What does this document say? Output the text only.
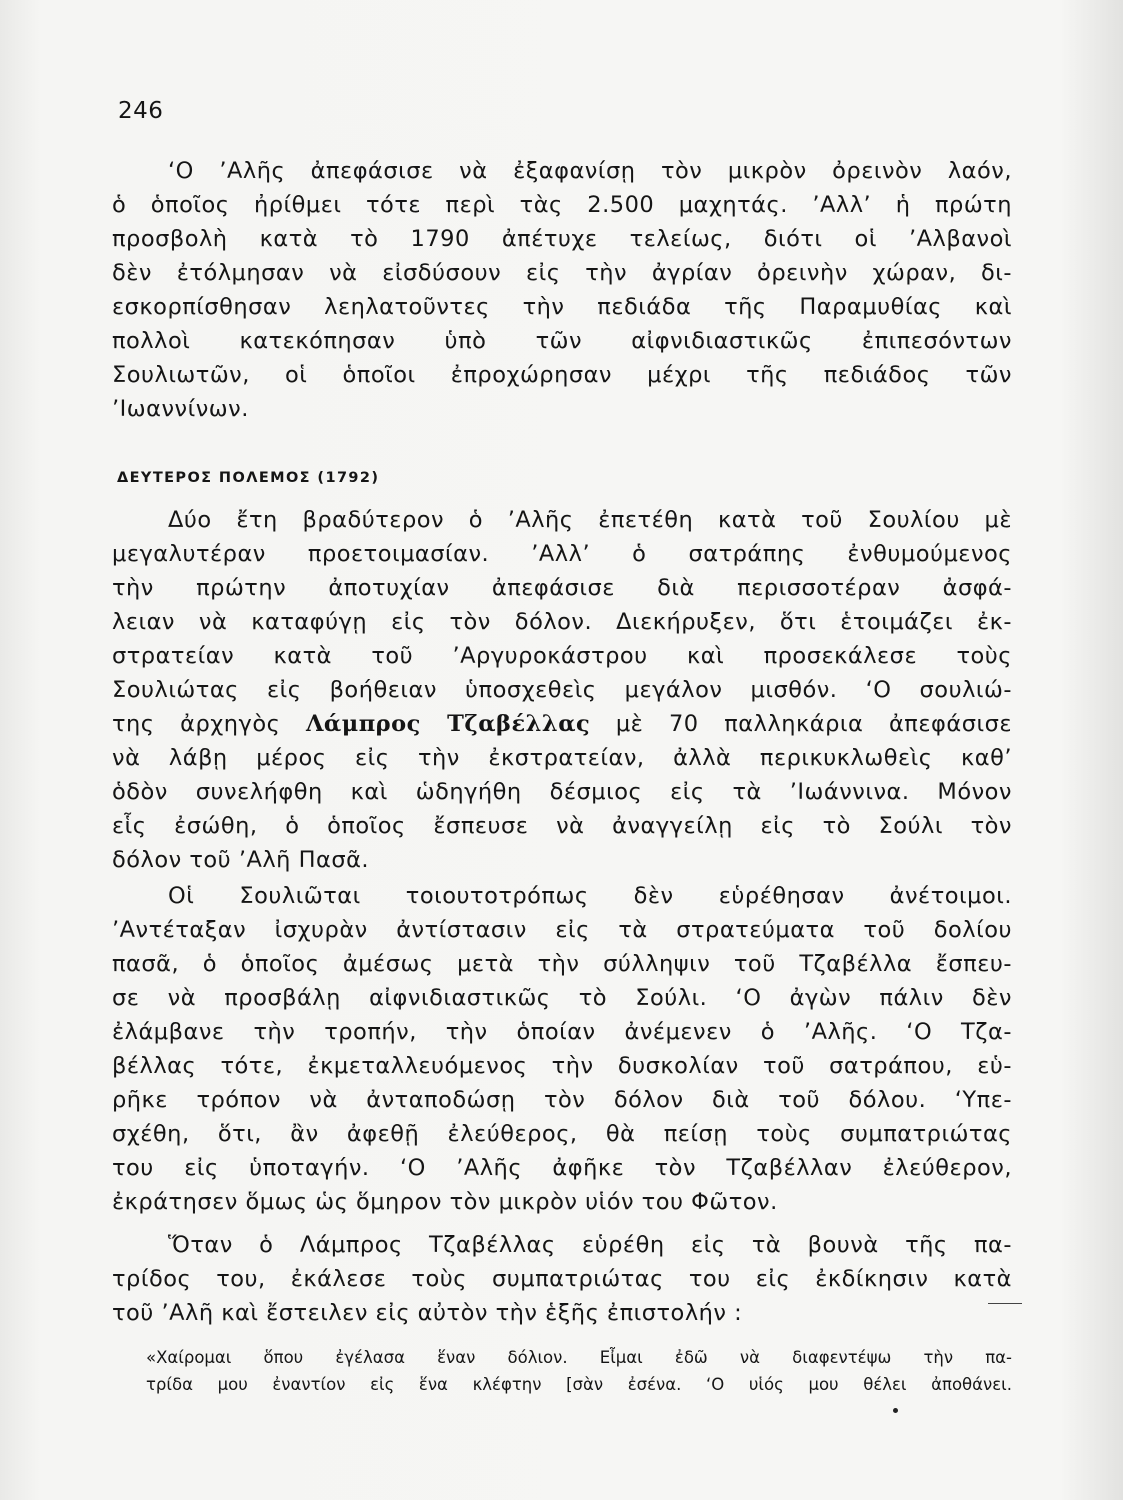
246
‘Ο ’Αλῆς ἀπεφάσισε νὰ ἐξαφανίσῃ τὸν μικρὸν ὀρεινὸν λαόν,
ὁ ὁποῖος ἠρίθμει τότε περὶ τὰς 2.500 μαχητάς. ’Αλλ’ ἡ πρώτη
προσβολὴ κατὰ τὸ 1790 ἀπέτυχε τελείως, διότι οἱ ’Αλβανοὶ
δὲν ἐτόλμησαν νὰ εἰσδύσουν εἰς τὴν ἀγρίαν ὀρεινὴν χώραν, δι-
εσκορπίσθησαν λεηλατοῦντες τὴν πεδιάδα τῆς Παραμυθίας καὶ
πολλοὶ κατεκόπησαν ὑπὸ τῶν αἰφνιδιαστικῶς ἐπιπεσόντων
Σουλιωτῶν, οἱ ὁποῖοι ἐπροχώρησαν μέχρι τῆς πεδιάδος τῶν
’Ιωαννίνων.
ΔΕΥΤΕΡΟΣ ΠΟΛΕΜΟΣ (1792)
Δύο ἔτη βραδύτερον ὁ ’Αλῆς ἐπετέθη κατὰ τοῦ Σουλίου μὲ
μεγαλυτέραν προετοιμασίαν. ’Αλλ’ ὁ σατράπης ἐνθυμούμενος
τὴν πρώτην ἀποτυχίαν ἀπεφάσισε διὰ περισσοτέραν ἀσφά-
λειαν νὰ καταφύγῃ εἰς τὸν δόλον. Διεκήρυξεν, ὅτι ἑτοιμάζει ἐκ-
στρατείαν κατὰ τοῦ ’Αργυροκάστρου καὶ προσεκάλεσε τοὺς
Σουλιώτας εἰς βοήθειαν ὑποσχεθεὶς μεγάλον μισθόν. ‘Ο σουλιώ-
της ἀρχηγὸς Λάμπρος Τζαβέλλας μὲ 70 παλληκάρια ἀπεφάσισε
νὰ λάβῃ μέρος εἰς τὴν ἐκστρατείαν, ἀλλὰ περικυκλωθεὶς καθ’
ὁδὸν συνελήφθη καὶ ὡδηγήθη δέσμιος εἰς τὰ ’Ιωάννινα. Μόνον
εἷς ἐσώθη, ὁ ὁποῖος ἔσπευσε νὰ ἀναγγείλῃ εἰς τὸ Σούλι τὸν
δόλον τοῦ ’Αλῆ Πασᾶ.
Οἱ Σουλιῶται τοιουτοτρόπως δὲν εὑρέθησαν ἀνέτοιμοι.
’Αντέταξαν ἰσχυρὰν ἀντίστασιν εἰς τὰ στρατεύματα τοῦ δολίου
πασᾶ, ὁ ὁποῖος ἀμέσως μετὰ τὴν σύλληψιν τοῦ Τζαβέλλα ἔσπευ-
σε νὰ προσβάλῃ αἰφνιδιαστικῶς τὸ Σούλι. ‘Ο ἀγὼν πάλιν δὲν
ἐλάμβανε τὴν τροπήν, τὴν ὁποίαν ἀνέμενεν ὁ ’Αλῆς. ‘Ο Τζα-
βέλλας τότε, ἐκμεταλλευόμενος τὴν δυσκολίαν τοῦ σατράπου, εὑ-
ρῆκε τρόπον νὰ ἀνταποδώσῃ τὸν δόλον διὰ τοῦ δόλου. ‘Υπε-
σχέθη, ὅτι, ἂν ἀφεθῇ ἐλεύθερος, θὰ πείσῃ τοὺς συμπατριώτας
του εἰς ὑποταγήν. ‘Ο ’Αλῆς ἀφῆκε τὸν Τζαβέλλαν ἐλεύθερον,
ἐκράτησεν ὅμως ὡς ὅμηρον τὸν μικρὸν υἱόν του Φῶτον.
Ὅταν ὁ Λάμπρος Τζαβέλλας εὑρέθη εἰς τὰ βουνὰ τῆς πα-
τρίδος του, ἐκάλεσε τοὺς συμπατριώτας του εἰς ἐκδίκησιν κατὰ
τοῦ ’Αλῆ καὶ ἔστειλεν εἰς αὐτὸν τὴν ἑξῆς ἐπιστολήν :
«Χαίρομαι ὅπου ἐγέλασα ἕναν δόλιον. Εἶμαι ἐδῶ νὰ διαφεντέψω τὴν πα-
τρίδα μου ἐναντίον εἰς ἕνα κλέφτην [σὰν ἐσένα. ‘Ο υἱός μου θέλει ἀποθάνει.
